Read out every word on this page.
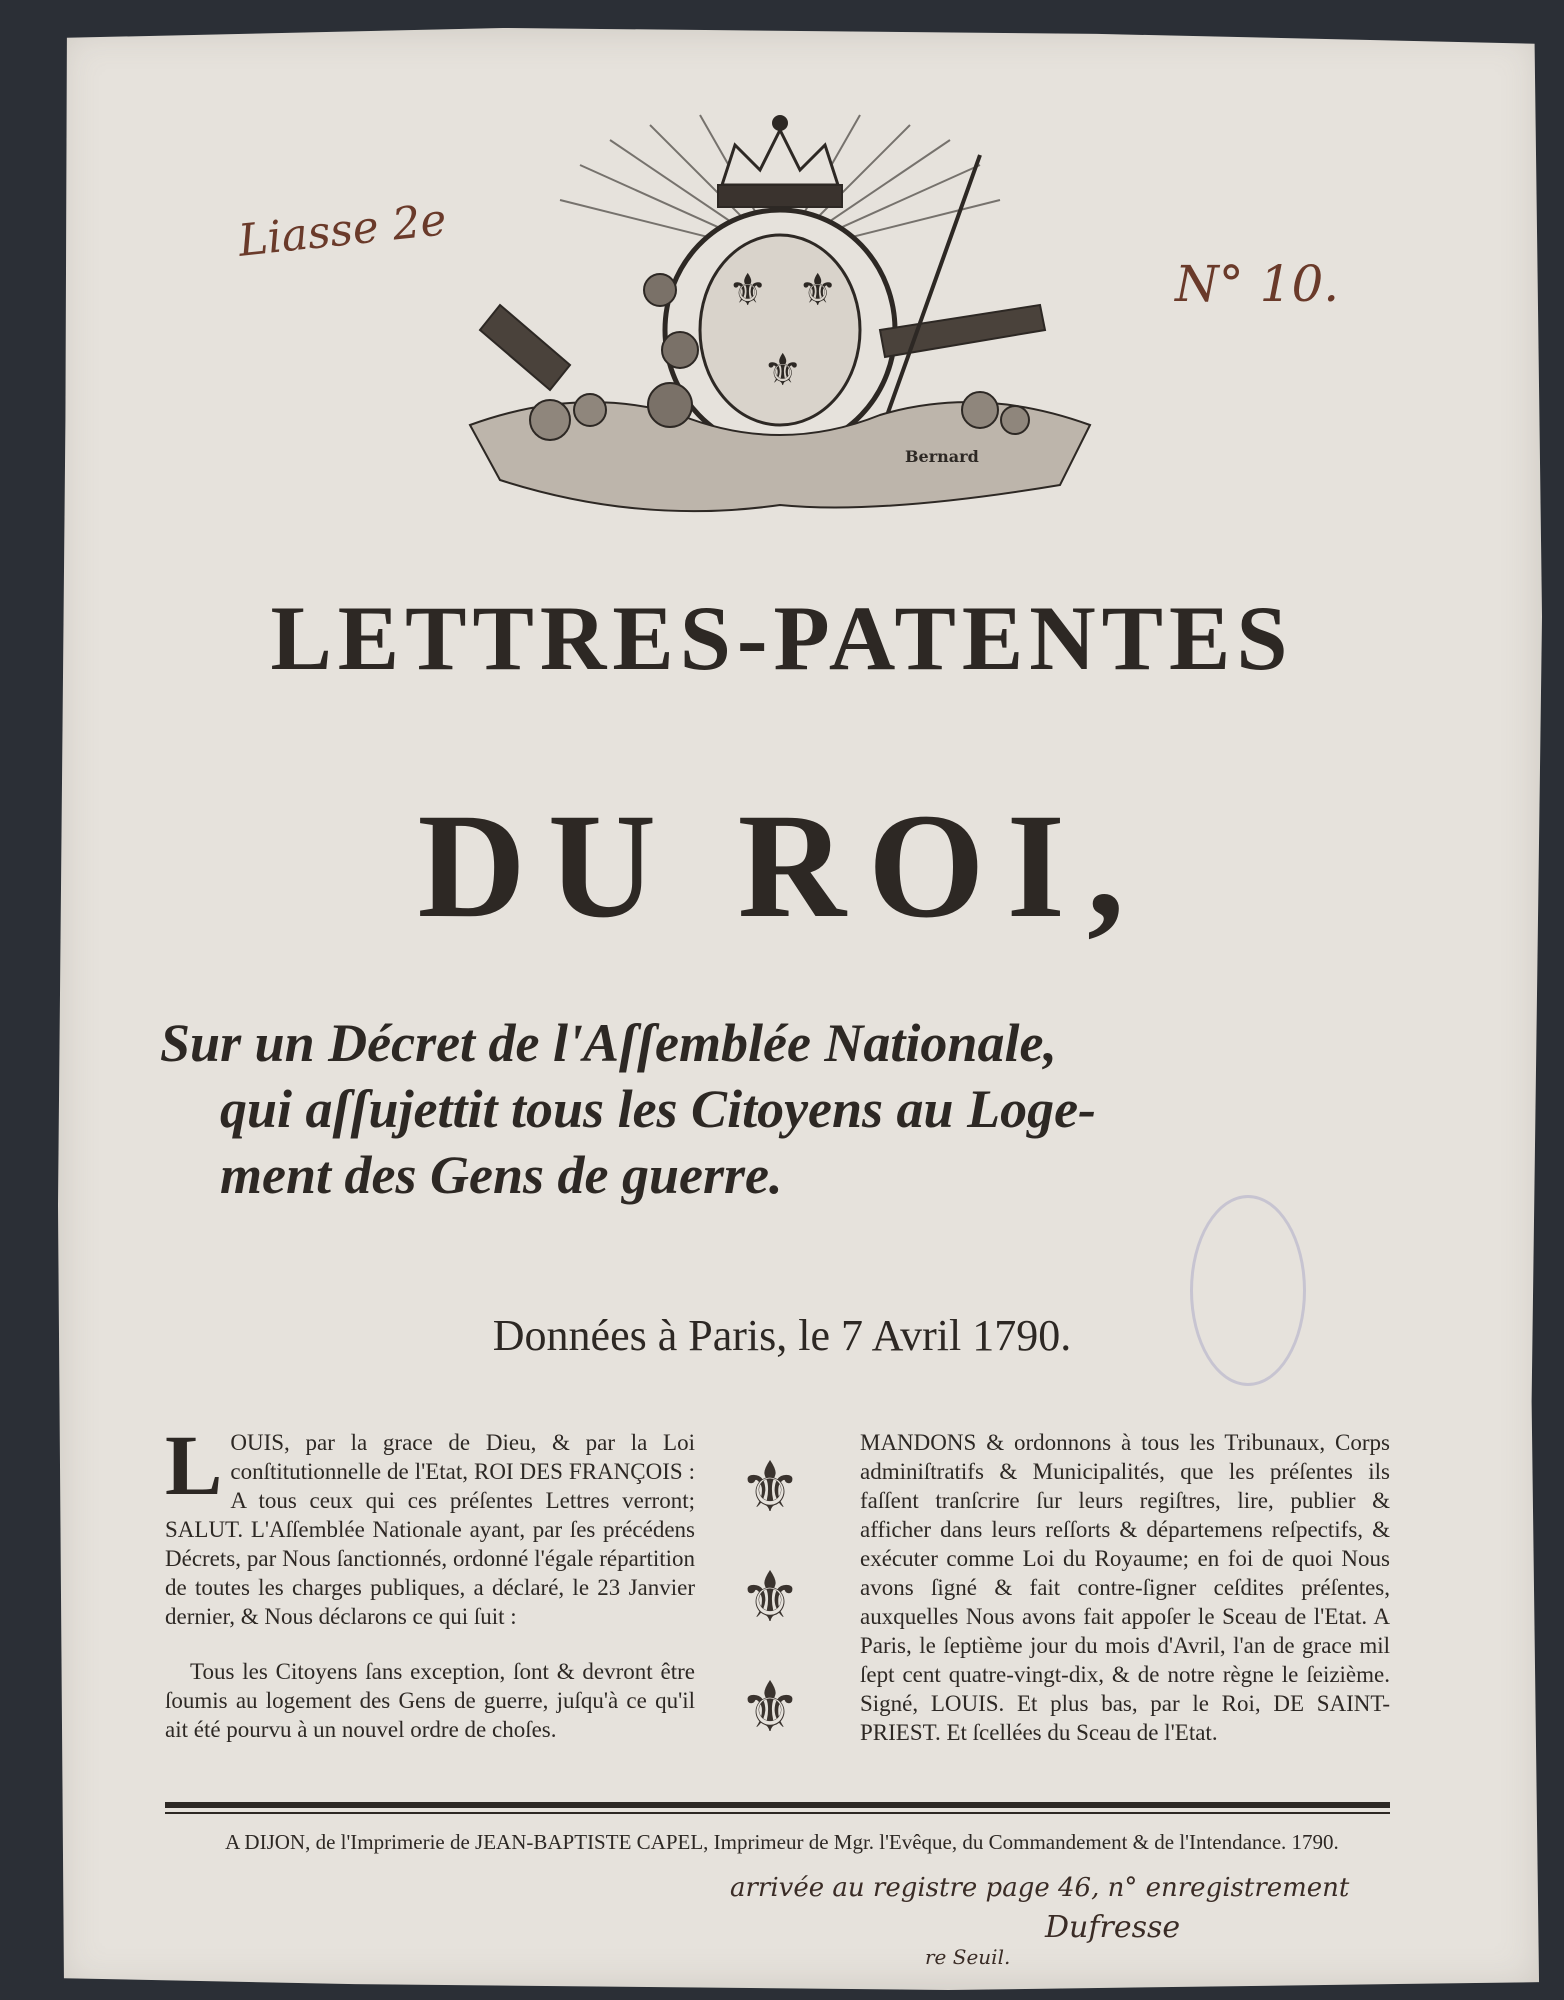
Liasse 2e
N° 10.
⚜ ⚜
⚜
Bernard
LETTRES-PATENTES
DU ROI,
Sur un Décret de l'Aſſemblée Nationale,
qui aſſujettit tous les Citoyens au Loge-
ment des Gens de guerre.
Données à Paris, le 7 Avril 1790.
L OUIS, par la grace de Dieu, & par la Loi conſtitutionnelle de l'Etat, ROI DES FRANÇOIS : A tous ceux qui ces préſentes Lettres verront; SALUT. L'Aſſemblée Nationale ayant, par ſes précédens Décrets, par Nous ſanctionnés, ordonné l'égale répartition de toutes les charges publiques, a déclaré, le 23 Janvier dernier, & Nous déclarons ce qui ſuit :
Tous les Citoyens ſans exception, ſont & devront être ſoumis au logement des Gens de guerre, juſqu'à ce qu'il ait été pourvu à un nouvel ordre de choſes.
⚜
⚜
⚜
MANDONS & ordonnons à tous les Tribunaux, Corps adminiſtratifs & Municipalités, que les préſentes ils faſſent tranſcrire ſur leurs regiſtres, lire, publier & afficher dans leurs reſſorts & départemens reſpectifs, & exécuter comme Loi du Royaume; en foi de quoi Nous avons ſigné & fait contre-ſigner ceſdites préſentes, auxquelles Nous avons fait appoſer le Sceau de l'Etat. A Paris, le ſeptième jour du mois d'Avril, l'an de grace mil ſept cent quatre-vingt-dix, & de notre règne le ſeizième. Signé, LOUIS. Et plus bas, par le Roi, DE SAINT-PRIEST. Et ſcellées du Sceau de l'Etat.
A DIJON, de l'Imprimerie de JEAN-BAPTISTE CAPEL, Imprimeur de Mgr. l'Evêque, du Commandement & de l'Intendance. 1790.
arrivée au registre page 46, n° enregistrement
Dufresse
re Seuil.
